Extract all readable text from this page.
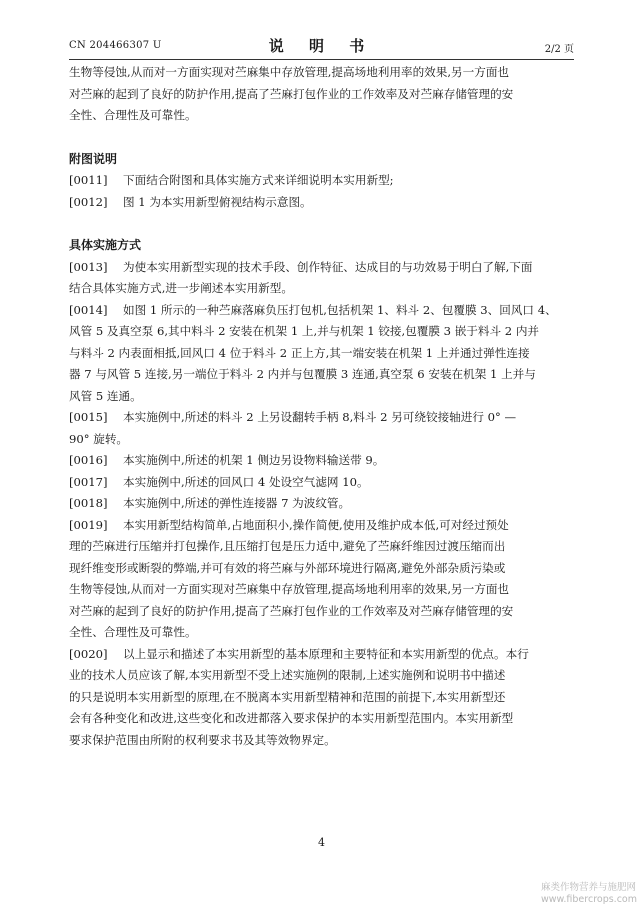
CN 204466307 U	说 明 书	2/2 页
生物等侵蚀,从而对一方面实现对苎麻集中存放管理,提高场地利用率的效果,另一方面也
对苎麻的起到了良好的防护作用,提高了苎麻打包作业的工作效率及对苎麻存储管理的安
全性、合理性及可靠性。
附图说明
[0011]	下面结合附图和具体实施方式来详细说明本实用新型;
[0012]	图 1 为本实用新型俯视结构示意图。
具体实施方式
[0013]	为使本实用新型实现的技术手段、创作特征、达成目的与功效易于明白了解,下面
结合具体实施方式,进一步阐述本实用新型。
[0014]	如图 1 所示的一种苎麻落麻负压打包机,包括机架 1、料斗 2、包覆膜 3、回风口 4、
风管 5 及真空泵 6,其中料斗 2 安装在机架 1 上,并与机架 1 铰接,包覆膜 3 嵌于料斗 2 内并
与料斗 2 内表面相抵,回风口 4 位于料斗 2 正上方,其一端安装在机架 1 上并通过弹性连接
器 7 与风管 5 连接,另一端位于料斗 2 内并与包覆膜 3 连通,真空泵 6 安装在机架 1 上并与
风管 5 连通。
[0015]	本实施例中,所述的料斗 2 上另设翻转手柄 8,料斗 2 另可绕铰接轴进行 0° —
90° 旋转。
[0016]	本实施例中,所述的机架 1 侧边另设物料输送带 9。
[0017]	本实施例中,所述的回风口 4 处设空气滤网 10。
[0018]	本实施例中,所述的弹性连接器 7 为波纹管。
[0019]	本实用新型结构简单,占地面积小,操作简便,使用及维护成本低,可对经过预处
理的苎麻进行压缩并打包操作,且压缩打包是压力适中,避免了苎麻纤维因过渡压缩而出
现纤维变形或断裂的弊端,并可有效的将苎麻与外部环境进行隔离,避免外部杂质污染或
生物等侵蚀,从而对一方面实现对苎麻集中存放管理,提高场地利用率的效果,另一方面也
对苎麻的起到了良好的防护作用,提高了苎麻打包作业的工作效率及对苎麻存储管理的安
全性、合理性及可靠性。
[0020]	以上显示和描述了本实用新型的基本原理和主要特征和本实用新型的优点。本行
业的技术人员应该了解,本实用新型不受上述实施例的限制,上述实施例和说明书中描述
的只是说明本实用新型的原理,在不脱离本实用新型精神和范围的前提下,本实用新型还
会有各种变化和改进,这些变化和改进都落入要求保护的本实用新型范围内。本实用新型
要求保护范围由所附的权利要求书及其等效物界定。
4
麻类作物营养与施肥网
www.fibercrops.com
